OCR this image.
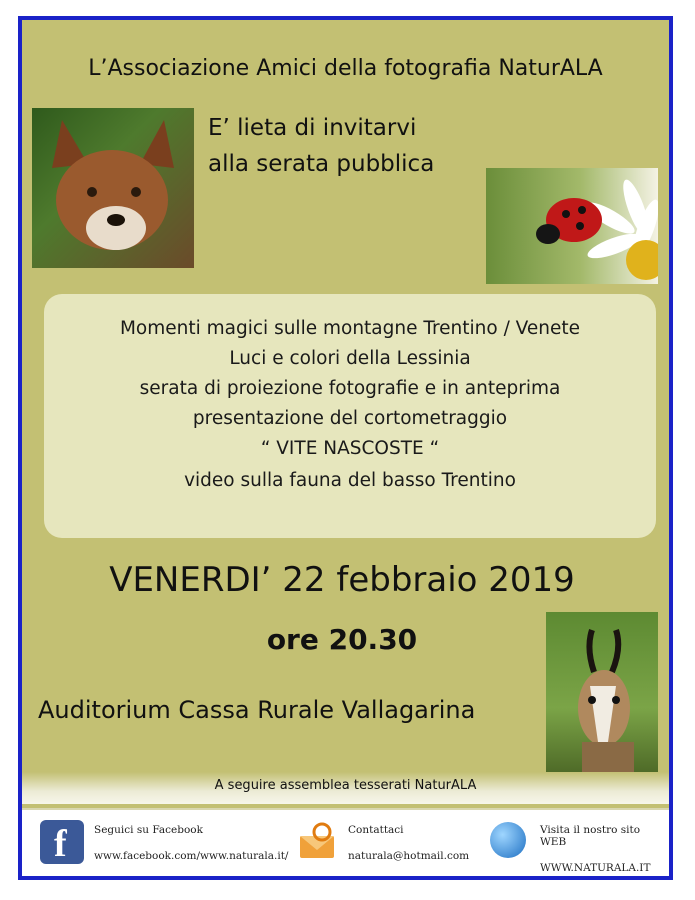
L’Associazione Amici della fotografia NaturALA
E’ lieta di invitarvi
alla serata pubblica
Momenti magici sulle montagne Trentino / Venete
Luci e colori della Lessinia
serata di proiezione fotografie e in anteprima
presentazione del cortometraggio
“ VITE NASCOSTE “
video sulla fauna del basso Trentino
VENERDI’ 22 febbraio 2019
ore 20.30
Auditorium Cassa Rurale Vallagarina
A seguire assemblea tesserati NaturALA
f	Seguici su Facebook
www.facebook.com/www.naturala.it/
Contattaci
naturala@hotmail.com
Visita il nostro sito WEB
WWW.NATURALA.IT
